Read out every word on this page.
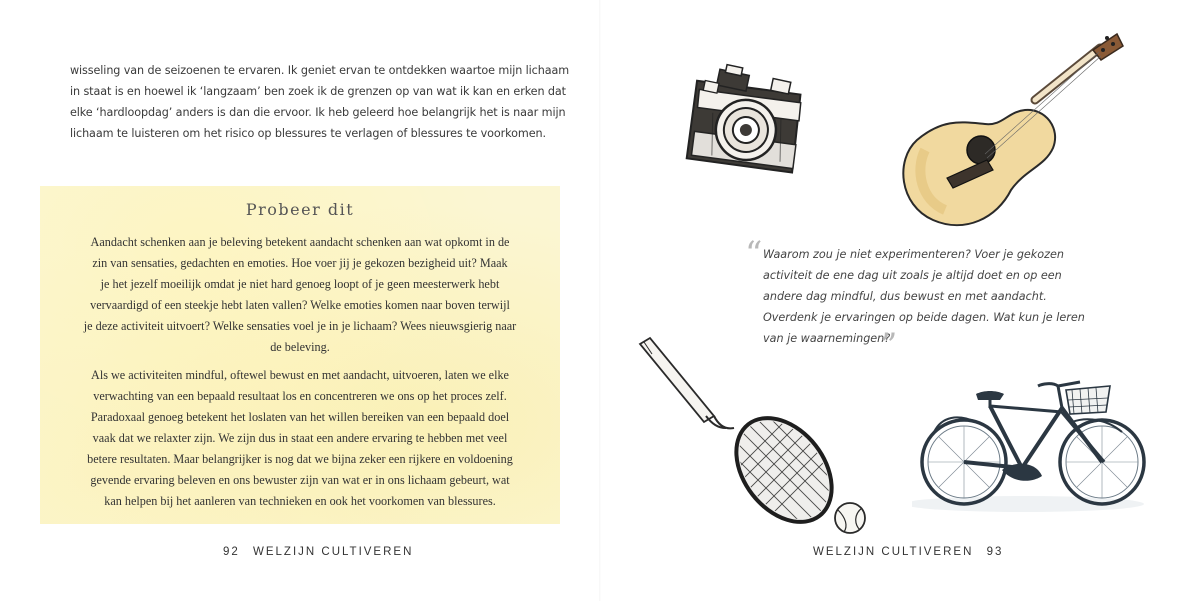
wisseling van de seizoenen te ervaren. Ik geniet ervan te ontdekken waartoe mijn lichaam
in staat is en hoewel ik ‘langzaam’ ben zoek ik de grenzen op van wat ik kan en erken dat
elke ‘hardloopdag’ anders is dan die ervoor. Ik heb geleerd hoe belangrijk het is naar mijn
lichaam te luisteren om het risico op blessures te verlagen of blessures te voorkomen.
Probeer dit
Aandacht schenken aan je beleving betekent aandacht schenken aan wat opkomt in de
zin van sensaties, gedachten en emoties. Hoe voer jij je gekozen bezigheid uit? Maak
je het jezelf moeilijk omdat je niet hard genoeg loopt of je geen meesterwerk hebt
vervaardigd of een steekje hebt laten vallen? Welke emoties komen naar boven terwijl
je deze activiteit uitvoert? Welke sensaties voel je in je lichaam? Wees nieuwsgierig naar
de beleving.
Als we activiteiten mindful, oftewel bewust en met aandacht, uitvoeren, laten we elke
verwachting van een bepaald resultaat los en concentreren we ons op het proces zelf.
Paradoxaal genoeg betekent het loslaten van het willen bereiken van een bepaald doel
vaak dat we relaxter zijn. We zijn dus in staat een andere ervaring te hebben met veel
betere resultaten. Maar belangrijker is nog dat we bijna zeker een rijkere en voldoening
gevende ervaring beleven en ons bewuster zijn van wat er in ons lichaam gebeurt, wat
kan helpen bij het aanleren van technieken en ook het voorkomen van blessures.
92 WELZIJN CULTIVEREN
“ Waarom zou je niet experimenteren? Voer je gekozen
activiteit de ene dag uit zoals je altijd doet en op een
andere dag mindful, dus bewust en met aandacht.
Overdenk je ervaringen op beide dagen. Wat kun je leren
van je waarnemingen?
”
WELZIJN CULTIVEREN 93
